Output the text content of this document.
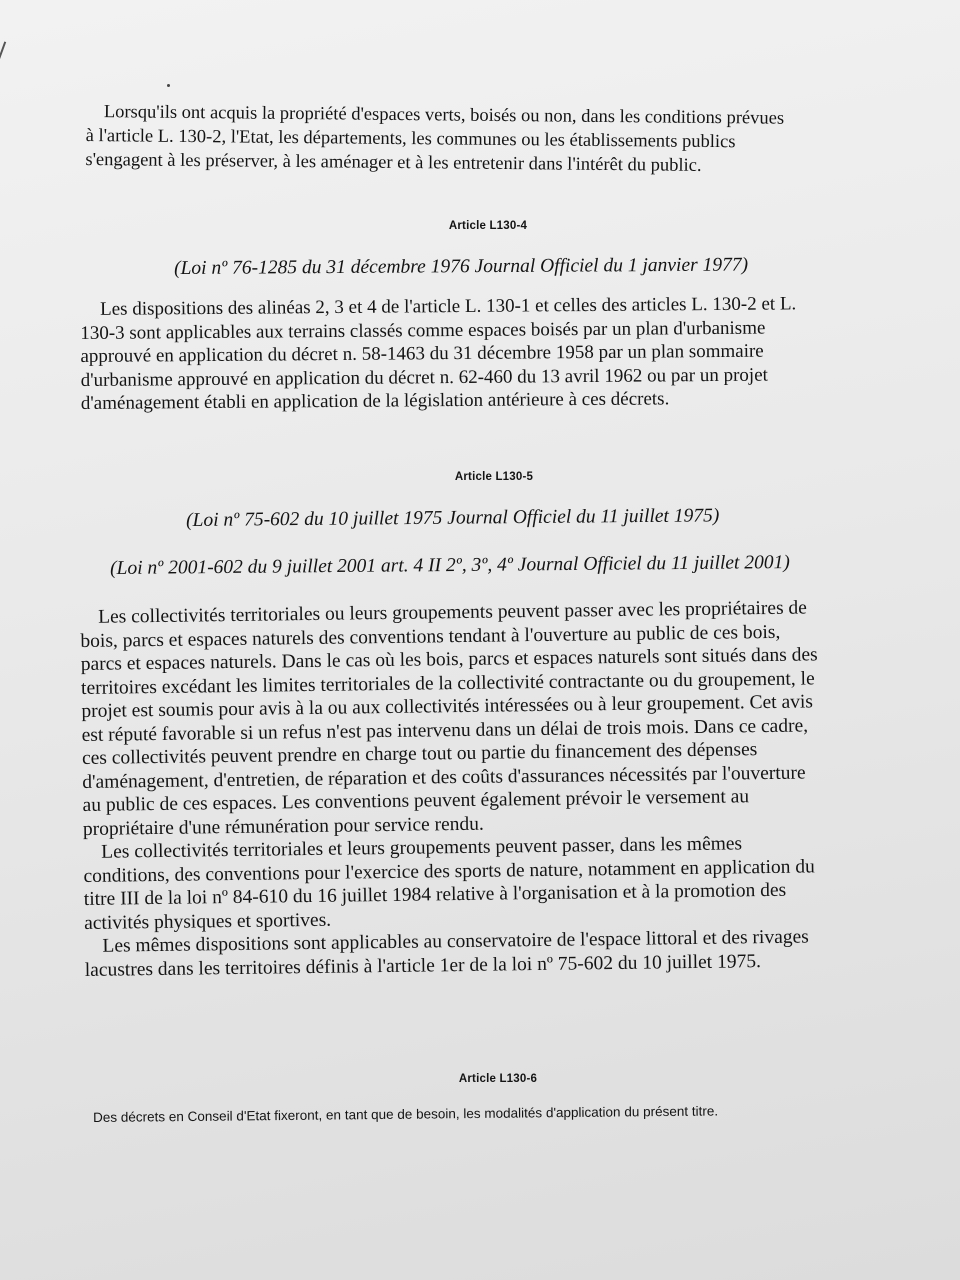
Lorsqu'ils ont acquis la propriété d'espaces verts, boisés ou non, dans les conditions prévues
à l'article L. 130-2, l'Etat, les départements, les communes ou les établissements publics
s'engagent à les préserver, à les aménager et à les entretenir dans l'intérêt du public.
Article L130-4
(Loi nº 76-1285 du 31 décembre 1976 Journal Officiel du 1 janvier 1977)
Les dispositions des alinéas 2, 3 et 4 de l'article L. 130-1 et celles des articles L. 130-2 et L.
130-3 sont applicables aux terrains classés comme espaces boisés par un plan d'urbanisme
approuvé en application du décret n. 58-1463 du 31 décembre 1958 par un plan sommaire
d'urbanisme approuvé en application du décret n. 62-460 du 13 avril 1962 ou par un projet
d'aménagement établi en application de la législation antérieure à ces décrets.
Article L130-5
(Loi nº 75-602 du 10 juillet 1975 Journal Officiel du 11 juillet 1975)
(Loi nº 2001-602 du 9 juillet 2001 art. 4 II 2º, 3º, 4º Journal Officiel du 11 juillet 2001)
Les collectivités territoriales ou leurs groupements peuvent passer avec les propriétaires de
bois, parcs et espaces naturels des conventions tendant à l'ouverture au public de ces bois,
parcs et espaces naturels. Dans le cas où les bois, parcs et espaces naturels sont situés dans des
territoires excédant les limites territoriales de la collectivité contractante ou du groupement, le
projet est soumis pour avis à la ou aux collectivités intéressées ou à leur groupement. Cet avis
est réputé favorable si un refus n'est pas intervenu dans un délai de trois mois. Dans ce cadre,
ces collectivités peuvent prendre en charge tout ou partie du financement des dépenses
d'aménagement, d'entretien, de réparation et des coûts d'assurances nécessités par l'ouverture
au public de ces espaces. Les conventions peuvent également prévoir le versement au
propriétaire d'une rémunération pour service rendu.
Les collectivités territoriales et leurs groupements peuvent passer, dans les mêmes
conditions, des conventions pour l'exercice des sports de nature, notamment en application du
titre III de la loi nº 84-610 du 16 juillet 1984 relative à l'organisation et à la promotion des
activités physiques et sportives.
Les mêmes dispositions sont applicables au conservatoire de l'espace littoral et des rivages
lacustres dans les territoires définis à l'article 1er de la loi nº 75-602 du 10 juillet 1975.
Article L130-6
Des décrets en Conseil d'Etat fixeront, en tant que de besoin, les modalités d'application du présent titre.
